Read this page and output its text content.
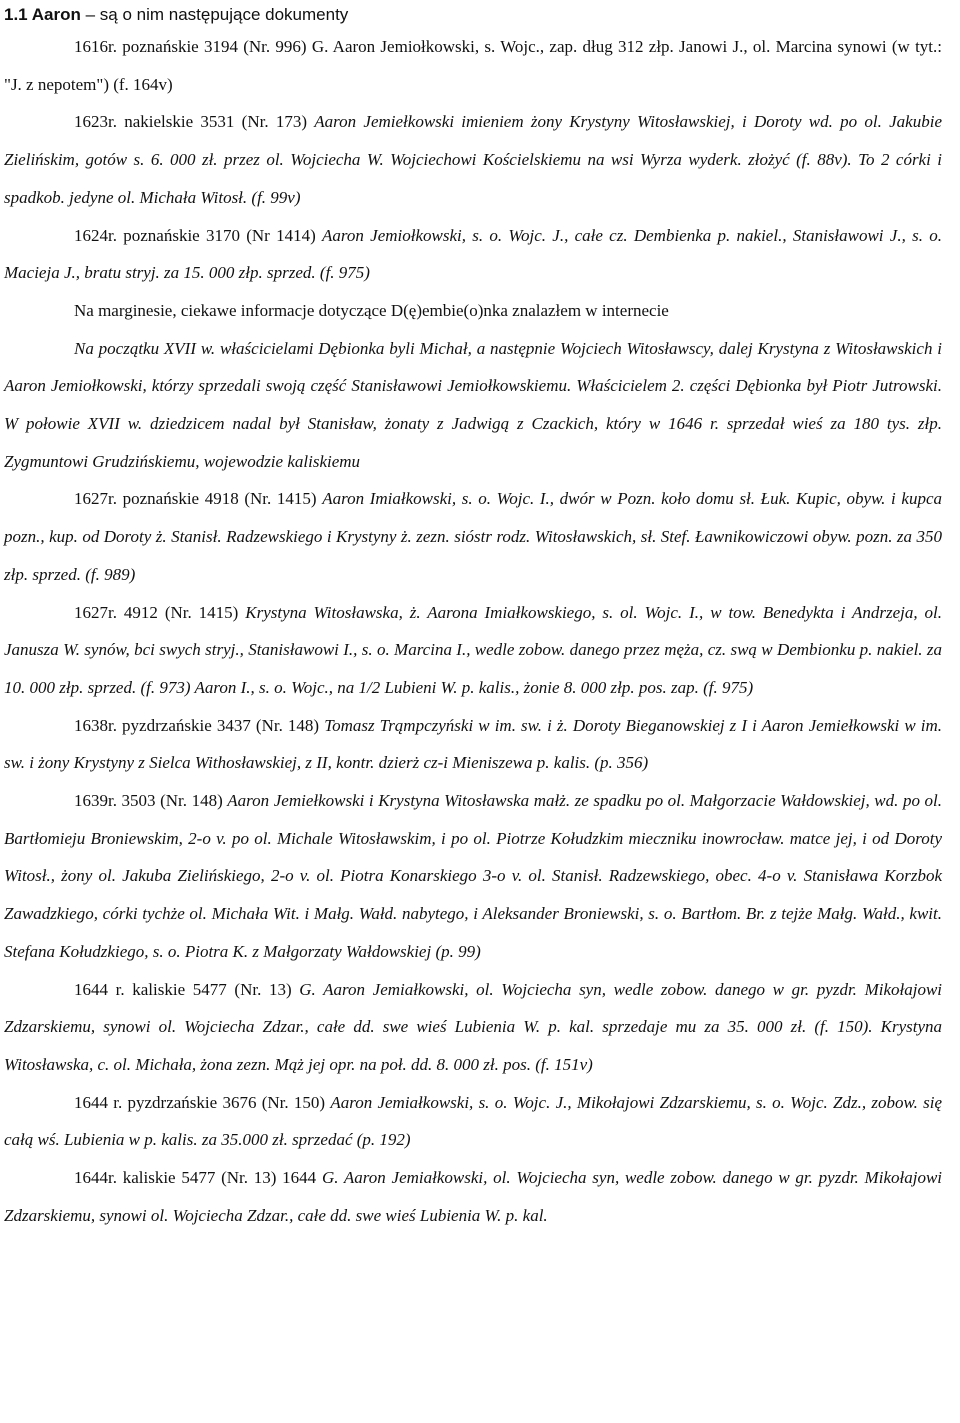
1.1 Aaron – są o nim następujące dokumenty

1616r. poznańskie 3194 (Nr. 996) G. Aaron Jemiołkowski, s. Wojc., zap. dług 312 złp. Janowi J., ol. Marcina synowi (w tyt.: "J. z nepotem") (f. 164v)

1623r. nakielskie 3531 (Nr. 173) Aaron Jemiełkowski imieniem żony Krystyny Witosławskiej, i Doroty wd. po ol. Jakubie Zielińskim, gotów s. 6. 000 zł. przez ol. Wojciecha W. Wojciechowi Kościelskiemu na wsi Wyrza wyderk. złożyć (f. 88v). To 2 córki i spadkob. jedyne ol. Michała Witosł. (f. 99v)

1624r. poznańskie 3170 (Nr 1414) Aaron Jemiołkowski, s. o. Wojc. J., całe cz. Dembienka p. nakiel., Stanisławowi J., s. o. Macieja J., bratu stryj. za 15. 000 złp. sprzed. (f. 975)

Na marginesie, ciekawe informacje dotyczące D(ę)embie(o)nka znalazłem w internecie

Na początku XVII w. właścicielami Dębionka byli Michał, a następnie Wojciech Witosławscy, dalej Krystyna z Witosławskich i Aaron Jemiołkowski, którzy sprzedali swoją część Stanisławowi Jemiołkowskiemu. Właścicielem 2. części Dębionka był Piotr Jutrowski. W połowie XVII w. dziedzicem nadal był Stanisław, żonaty z Jadwigą z Czackich, który w 1646 r. sprzedał wieś za 180 tys. złp. Zygmuntowi Grudzińskiemu, wojewodzie kaliskiemu

1627r. poznańskie 4918 (Nr. 1415) Aaron Imiałkowski, s. o. Wojc. I., dwór w Pozn. koło domu sł. Łuk. Kupic, obyw. i kupca pozn., kup. od Doroty ż. Stanisł. Radzewskiego i Krystyny ż. zezn. sióstr rodz. Witosławskich, sł. Stef. Ławnikowiczowi obyw. pozn. za 350 złp. sprzed. (f. 989)

1627r. 4912 (Nr. 1415) Krystyna Witosławska, ż. Aarona Imiałkowskiego, s. ol. Wojc. I., w tow. Benedykta i Andrzeja, ol. Janusza W. synów, bci swych stryj., Stanisławowi I., s. o. Marcina I., wedle zobow. danego przez męża, cz. swą w Dembionku p. nakiel. za 10. 000 złp. sprzed. (f. 973) Aaron I., s. o. Wojc., na 1/2 Lubieni W. p. kalis., żonie 8. 000 złp. pos. zap. (f. 975)

1638r. pyzdrzańskie 3437 (Nr. 148) Tomasz Trąmpczyński w im. sw. i ż. Doroty Bieganowskiej z I i Aaron Jemiełkowski w im. sw. i żony Krystyny z Sielca Withosławskiej, z II, kontr. dzierż cz-i Mieniszewa p. kalis. (p. 356)

1639r. 3503 (Nr. 148) Aaron Jemiełkowski i Krystyna Witosławska małż. ze spadku po ol. Małgorzacie Wałdowskiej, wd. po ol. Bartłomieju Broniewskim, 2-o v. po ol. Michale Witosławskim, i po ol. Piotrze Kołudzkim mieczniku inowrocław. matce jej, i od Doroty Witosł., żony ol. Jakuba Zielińskiego, 2-o v. ol. Piotra Konarskiego 3-o v. ol. Stanisł. Radzewskiego, obec. 4-o v. Stanisława Korzbok Zawadzkiego, córki tychże ol. Michała Wit. i Małg. Wałd. nabytego, i Aleksander Broniewski, s. o. Bartłom. Br. z tejże Małg. Wałd., kwit. Stefana Kołudzkiego, s. o. Piotra K. z Małgorzaty Wałdowskiej (p. 99)

1644 r. kaliskie 5477 (Nr. 13) G. Aaron Jemiałkowski, ol. Wojciecha syn, wedle zobow. danego w gr. pyzdr. Mikołajowi Zdzarskiemu, synowi ol. Wojciecha Zdzar., całe dd. swe wieś Lubienia W. p. kal. sprzedaje mu za 35. 000 zł. (f. 150). Krystyna Witosławska, c. ol. Michała, żona zezn. Mąż jej opr. na poł. dd. 8. 000 zł. pos. (f. 151v)

1644 r. pyzdrzańskie 3676 (Nr. 150) Aaron Jemiałkowski, s. o. Wojc. J., Mikołajowi Zdzarskiemu, s. o. Wojc. Zdz., zobow. się całą wś. Lubienia w p. kalis. za 35.000 zł. sprzedać (p. 192)

1644r. kaliskie 5477 (Nr. 13) 1644 G. Aaron Jemiałkowski, ol. Wojciecha syn, wedle zobow. danego w gr. pyzdr. Mikołajowi Zdzarskiemu, synowi ol. Wojciecha Zdzar., całe dd. swe wieś Lubienia W. p. kal.
